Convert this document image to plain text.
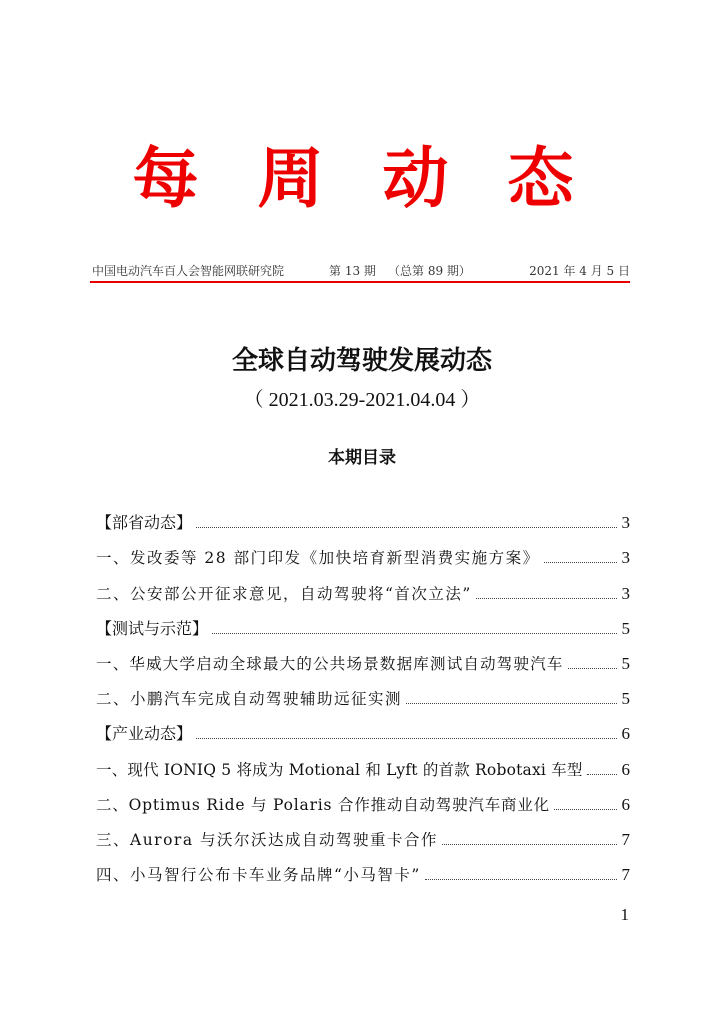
每 周 动 态
中国电动汽车百人会智能网联研究院	第 13 期 （总第 89 期）	2021 年 4 月 5 日
全球自动驾驶发展动态
（ 2021.03.29-2021.04.04 ）
本期目录
【部省动态】	3
一、发改委等 28 部门印发《加快培育新型消费实施方案》	3
二、公安部公开征求意见，自动驾驶将“首次立法”	3
【测试与示范】	5
一、华威大学启动全球最大的公共场景数据库测试自动驾驶汽车	5
二、小鹏汽车完成自动驾驶辅助远征实测	5
【产业动态】	6
一、现代 IONIQ 5 将成为 Motional 和 Lyft 的首款 Robotaxi 车型 6
二、Optimus Ride 与 Polaris 合作推动自动驾驶汽车商业化	6
三、Aurora 与沃尔沃达成自动驾驶重卡合作	7
四、小马智行公布卡车业务品牌“小马智卡”	7
1
